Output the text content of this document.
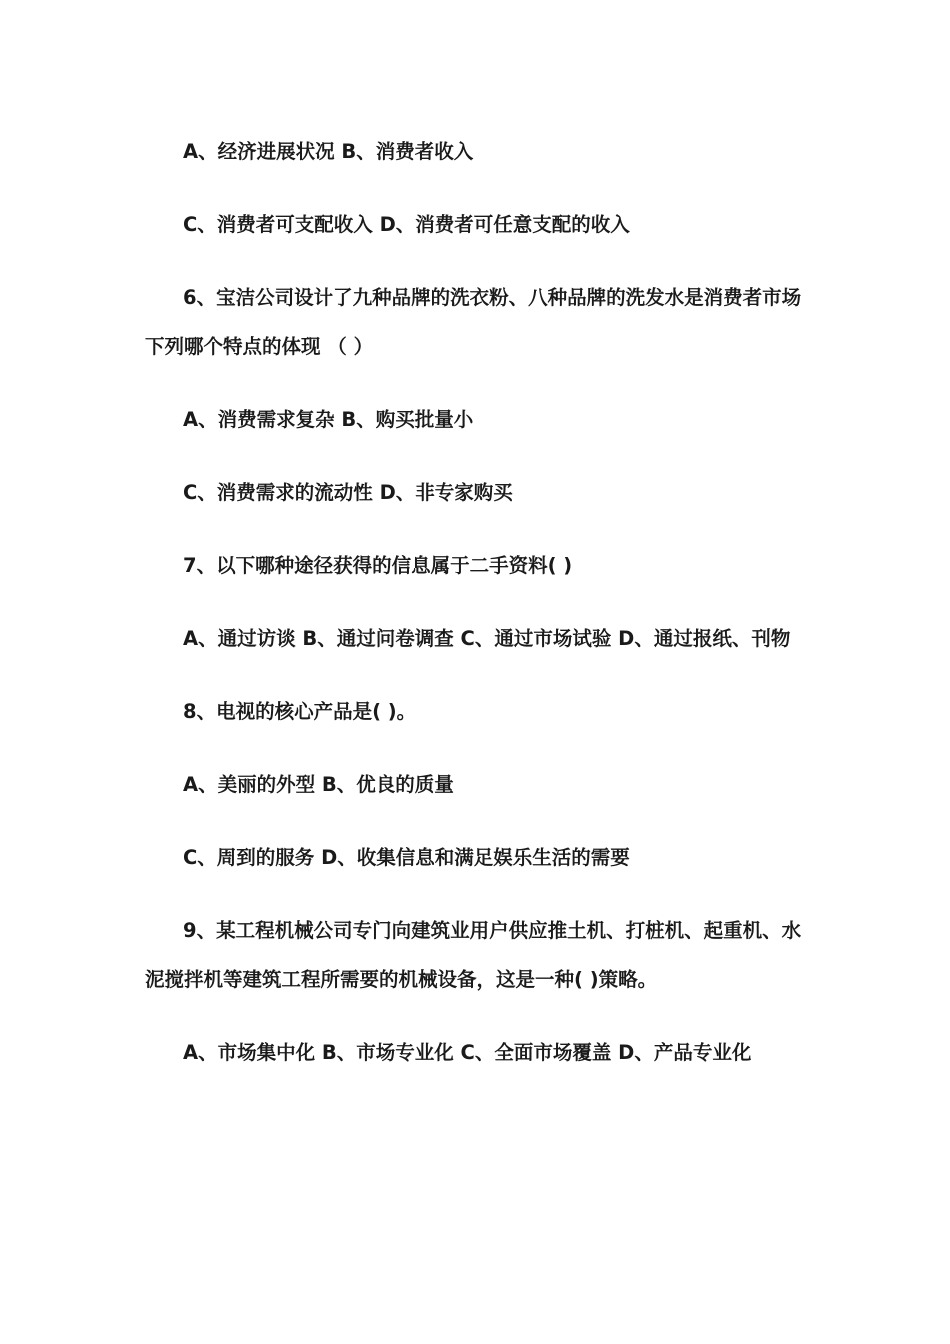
A、经济进展状况 B、消费者收入

C、消费者可支配收入 D、消费者可任意支配的收入

6、宝洁公司设计了九种品牌的洗衣粉、八种品牌的洗发水是消费者市场下列哪个特点的体现 （ ）

A、消费需求复杂 B、购买批量小

C、消费需求的流动性 D、非专家购买

7、以下哪种途径获得的信息属于二手资料( )

A、通过访谈 B、通过问卷调查 C、通过市场试验 D、通过报纸、刊物

8、电视的核心产品是( )。

A、美丽的外型 B、优良的质量

C、周到的服务 D、收集信息和满足娱乐生活的需要

9、某工程机械公司专门向建筑业用户供应推土机、打桩机、起重机、水泥搅拌机等建筑工程所需要的机械设备，这是一种( )策略。

A、市场集中化 B、市场专业化 C、全面市场覆盖 D、产品专业化
